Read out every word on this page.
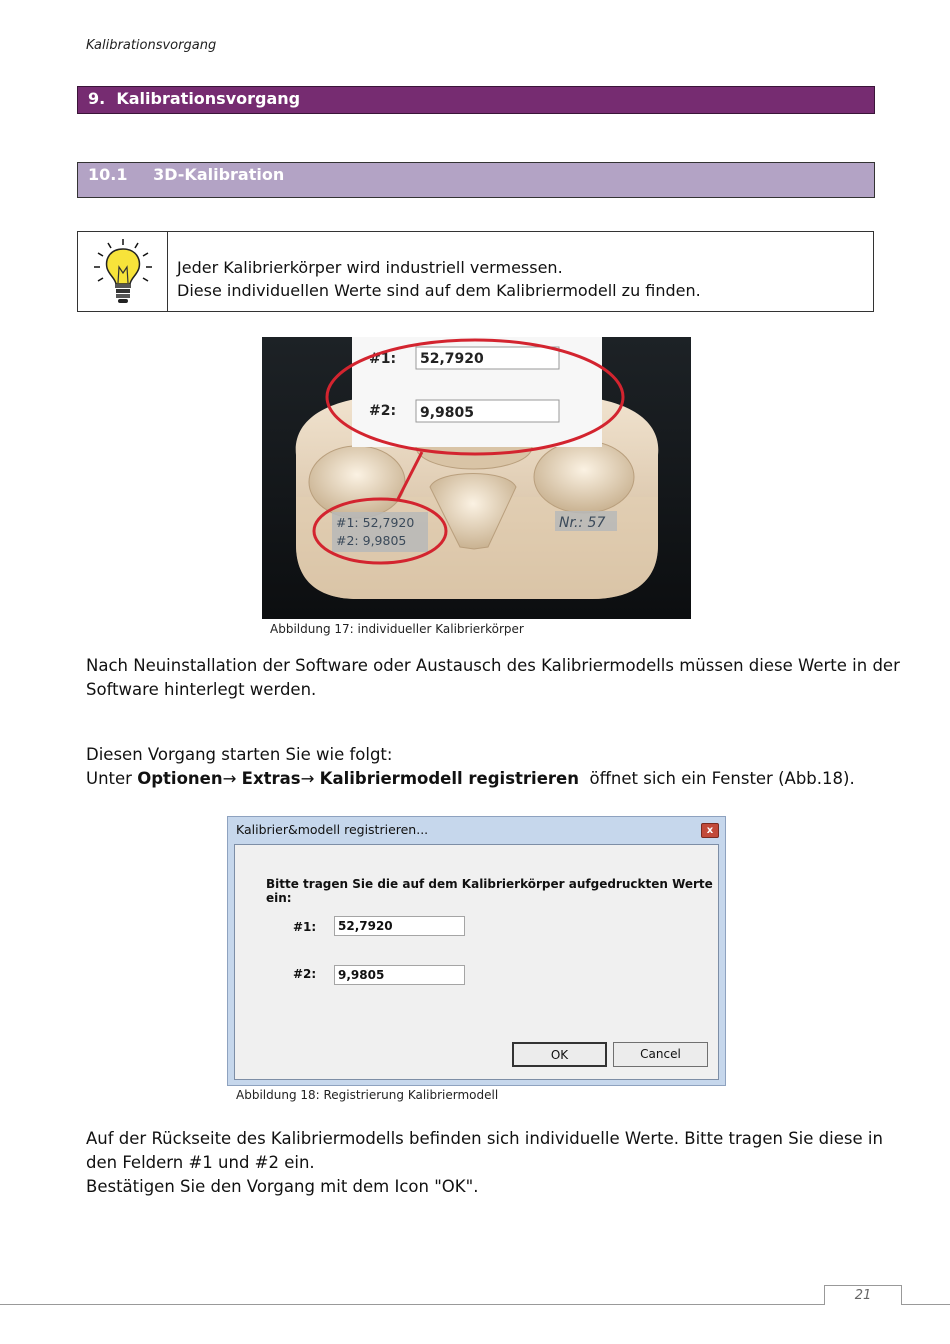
Kalibrationsvorgang
9. Kalibrationsvorgang
10.1 3D-Kalibration
Jeder Kalibrierkörper wird industriell vermessen.
Diese individuellen Werte sind auf dem Kalibriermodell zu finden.
#1: 52,7920
#2: 9,9805
#1: 52,7920
#2: 9,9805
Nr.: 57
Abbildung 17: individueller Kalibrierkörper
Nach Neuinstallation der Software oder Austausch des Kalibriermodells müssen diese Werte in der
Software hinterlegt werden.
Diesen Vorgang starten Sie wie folgt:
Unter Optionen→ Extras→ Kalibriermodell registrieren öffnet sich ein Fenster (Abb.18).
Kalibrier&modell registrieren...	x
Bitte tragen Sie die auf dem Kalibrierkörper aufgedruckten Werte ein:
#1:	52,7920
#2:	9,9805
OK	Cancel
Abbildung 18: Registrierung Kalibriermodell
Auf der Rückseite des Kalibriermodells befinden sich individuelle Werte. Bitte tragen Sie diese in
den Feldern #1 und #2 ein.
Bestätigen Sie den Vorgang mit dem Icon "OK".
21
